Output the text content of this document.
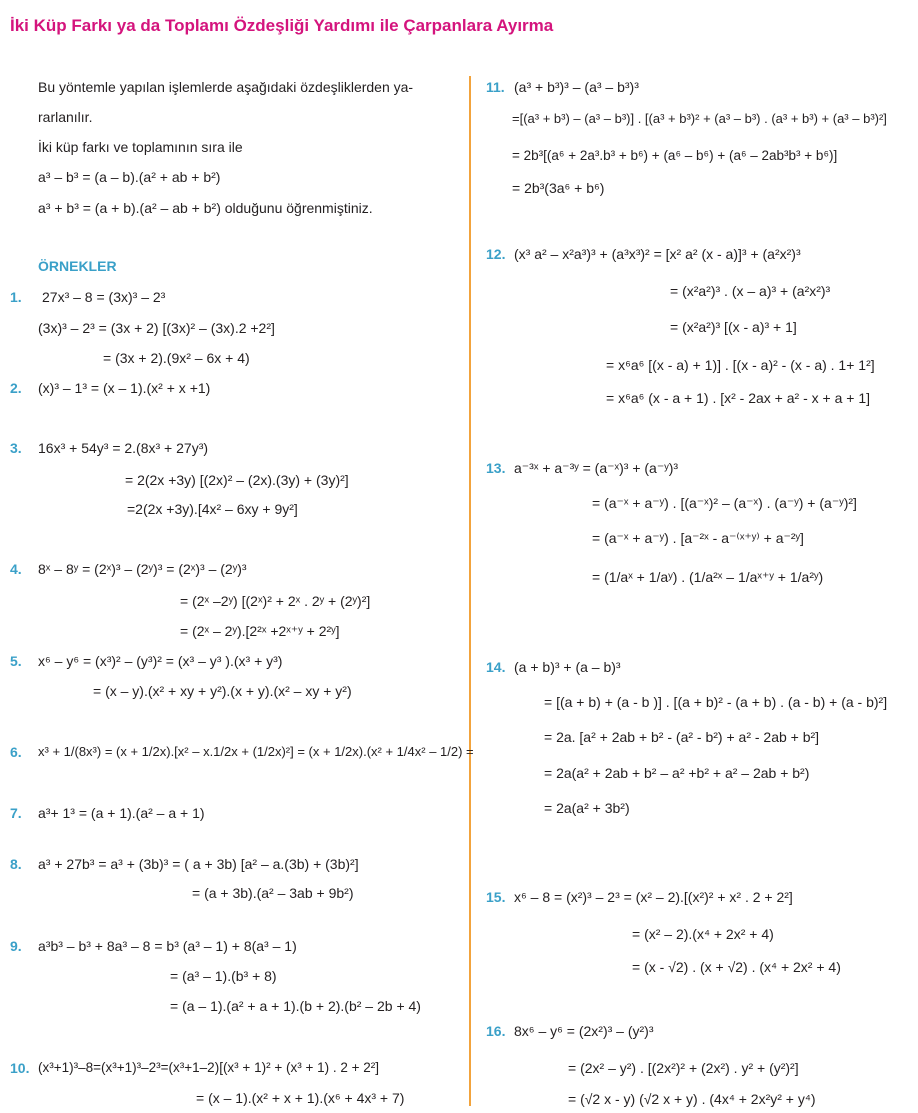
İki Küp Farkı ya da Toplamı Özdeşliği Yardımı ile Çarpanlara Ayırma
Bu yöntemle yapılan işlemlerde aşağıdaki özdeşliklerden ya-
rarlanılır.
İki küp farkı ve toplamının sıra ile
a³ – b³ = (a – b).(a² + ab + b²)
a³ + b³ = (a + b).(a² – ab + b²) olduğunu öğrenmiştiniz.
ÖRNEKLER
1. 27x³ – 8 = (3x)³ – 2³
(3x)³ – 2³ = (3x + 2) [(3x)² – (3x).2 +2²]
= (3x + 2).(9x² – 6x + 4)
2. (x)³ – 1³ = (x – 1).(x² + x +1)
3. 16x³ + 54y³ = 2.(8x³ + 27y³)
= 2(2x +3y) [(2x)² – (2x).(3y) + (3y)²]
=2(2x +3y).[4x² – 6xy + 9y²]
4. 8ˣ – 8ʸ = (2ˣ)³ – (2ʸ)³ = (2ˣ)³ – (2ʸ)³
= (2ˣ –2ʸ) [(2ˣ)² + 2ˣ . 2ʸ + (2ʸ)²]
= (2ˣ – 2ʸ).[2²ˣ +2ˣ⁺ʸ + 2²ʸ]
5. x⁶ – y⁶ = (x³)² – (y³)² = (x³ – y³ ).(x³ + y³)
= (x – y).(x² + xy + y²).(x + y).(x² – xy + y²)
6. x³ + 1/(8x³) = (x + 1/2x).[x² – x.1/2x + (1/2x)²] = (x + 1/2x).(x² + 1/4x² – 1/2) =
7. a³+ 1³ = (a + 1).(a² – a + 1)
8. a³ + 27b³ = a³ + (3b)³ = ( a + 3b) [a² – a.(3b) + (3b)²]
= (a + 3b).(a² – 3ab + 9b²)
9. a³b³ – b³ + 8a³ – 8 = b³ (a³ – 1) + 8(a³ – 1)
= (a³ – 1).(b³ + 8)
= (a – 1).(a² + a + 1).(b + 2).(b² – 2b + 4)
10. (x³+1)³–8=(x³+1)³–2³=(x³+1–2)[(x³ + 1)² + (x³ + 1) . 2 + 2²]
= (x – 1).(x² + x + 1).(x⁶ + 4x³ + 7)
11. (a³ + b³)³ – (a³ – b³)³
=[(a³ + b³) – (a³ – b³)] . [(a³ + b³)² + (a³ – b³) . (a³ + b³) + (a³ – b³)²]
= 2b³[(a⁶ + 2a³.b³ + b⁶) + (a⁶ – b⁶) + (a⁶ – 2ab³b³ + b⁶)]
= 2b³(3a⁶ + b⁶)
12. (x³ a² – x²a³)³ + (a³x³)² = [x² a² (x - a)]³ + (a²x²)³
= (x²a²)³ . (x – a)³ + (a²x²)³
= (x²a²)³ [(x - a)³ + 1]
= x⁶a⁶ [(x - a) + 1)] . [(x - a)² - (x - a) . 1+ 1²]
= x⁶a⁶ (x - a + 1) . [x² - 2ax + a² - x + a + 1]
13. a⁻³ˣ + a⁻³ʸ = (a⁻ˣ)³ + (a⁻ʸ)³
= (a⁻ˣ + a⁻ʸ) . [(a⁻ˣ)² – (a⁻ˣ) . (a⁻ʸ) + (a⁻ʸ)²]
= (a⁻ˣ + a⁻ʸ) . [a⁻²ˣ - a⁻⁽ˣ⁺ʸ⁾ + a⁻²ʸ]
= (1/aˣ + 1/aʸ) . (1/a²ˣ – 1/aˣ⁺ʸ + 1/a²ʸ)
14. (a + b)³ + (a – b)³
= [(a + b) + (a - b )] . [(a + b)² - (a + b) . (a - b) + (a - b)²]
= 2a. [a² + 2ab + b² - (a² - b²) + a² - 2ab + b²]
= 2a(a² + 2ab + b² – a² +b² + a² – 2ab + b²)
= 2a(a² + 3b²)
15. x⁶ – 8 = (x²)³ – 2³ = (x² – 2).[(x²)² + x² . 2 + 2²]
= (x² – 2).(x⁴ + 2x² + 4)
= (x - √2) . (x + √2) . (x⁴ + 2x² + 4)
16. 8x⁶ – y⁶ = (2x²)³ – (y²)³
= (2x² – y²) . [(2x²)² + (2x²) . y² + (y²)²]
= (√2 x - y) (√2 x + y) . (4x⁴ + 2x²y² + y⁴)
